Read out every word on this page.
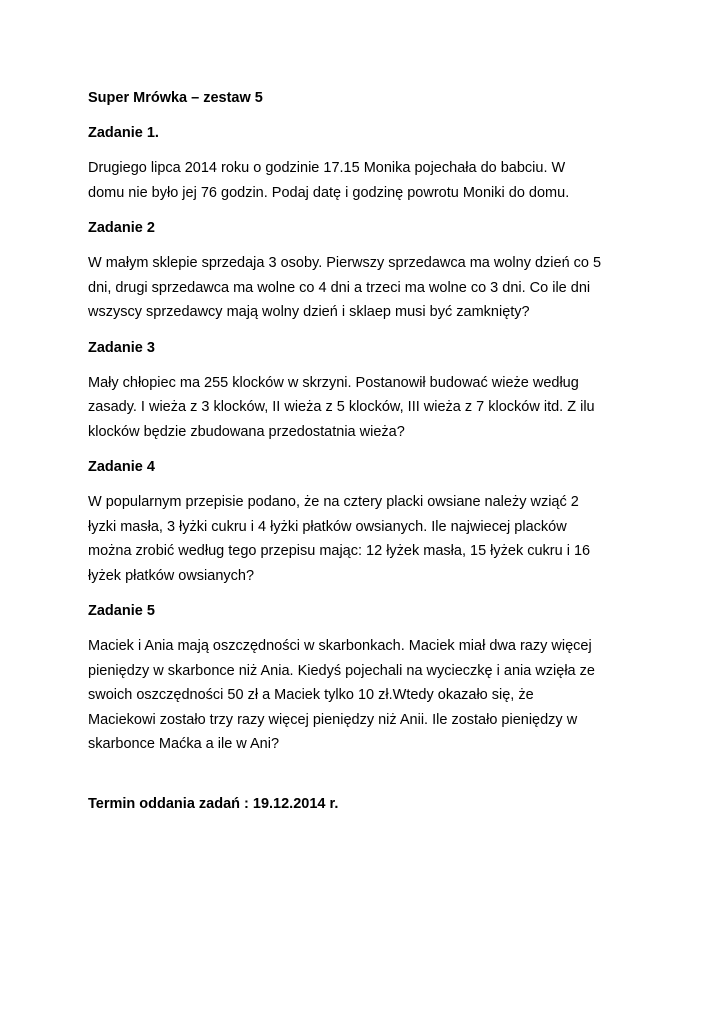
Super Mrówka – zestaw 5

Zadanie 1.

Drugiego lipca 2014 roku o godzinie 17.15 Monika pojechała do babciu. W
domu nie było jej 76 godzin. Podaj datę i godzinę powrotu Moniki do domu.

Zadanie 2

W małym sklepie sprzedaja 3 osoby. Pierwszy sprzedawca ma wolny dzień co 5
dni, drugi sprzedawca ma wolne co 4 dni a trzeci ma wolne co 3 dni. Co ile dni
wszyscy sprzedawcy mają wolny dzień i sklaep musi być zamknięty?

Zadanie 3

Mały chłopiec ma 255 klocków w skrzyni. Postanowił budować wieże według
zasady. I wieża z 3 klocków, II wieża z 5 klocków, III wieża z 7 klocków itd. Z ilu
klocków będzie zbudowana przedostatnia wieża?

Zadanie 4

W popularnym przepisie podano, że na cztery placki owsiane należy wziąć 2
łyzki masła, 3 łyżki cukru i 4 łyżki płatków owsianych. Ile najwiecej placków
można zrobić według tego przepisu mając: 12 łyżek masła, 15 łyżek cukru i 16
łyżek płatków owsianych?

Zadanie 5

Maciek i Ania mają oszczędności w skarbonkach. Maciek miał dwa razy więcej
pieniędzy w skarbonce niż Ania. Kiedyś pojechali na wycieczkę i ania wzięła ze
swoich oszczędności 50 zł a Maciek tylko 10 zł.Wtedy okazało się, że
Maciekowi zostało trzy razy więcej pieniędzy niż Anii. Ile zostało pieniędzy w
skarbonce Maćka a ile w Ani?

Termin oddania zadań : 19.12.2014 r.
